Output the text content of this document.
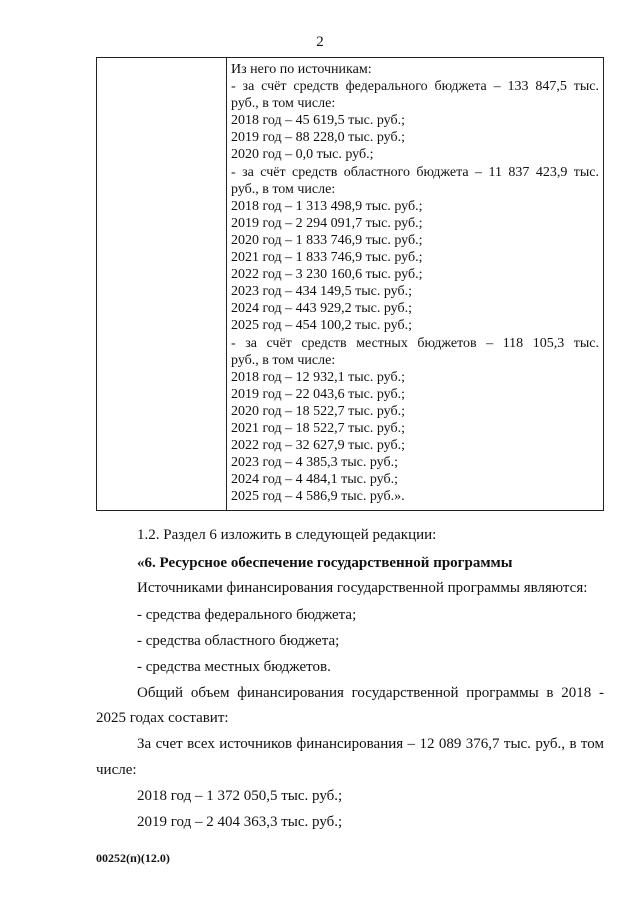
2
Из него по источникам:
- за счёт средств федерального бюджета – 133 847,5 тыс.
руб., в том числе:
2018 год – 45 619,5 тыс. руб.;
2019 год – 88 228,0 тыс. руб.;
2020 год – 0,0 тыс. руб.;
- за счёт средств областного бюджета – 11 837 423,9 тыс.
руб., в том числе:
2018 год – 1 313 498,9 тыс. руб.;
2019 год – 2 294 091,7 тыс. руб.;
2020 год – 1 833 746,9 тыс. руб.;
2021 год – 1 833 746,9 тыс. руб.;
2022 год – 3 230 160,6 тыс. руб.;
2023 год – 434 149,5 тыс. руб.;
2024 год – 443 929,2 тыс. руб.;
2025 год – 454 100,2 тыс. руб.;
- за счёт средств местных бюджетов – 118 105,3 тыс.
руб., в том числе:
2018 год – 12 932,1 тыс. руб.;
2019 год – 22 043,6 тыс. руб.;
2020 год – 18 522,7 тыс. руб.;
2021 год – 18 522,7 тыс. руб.;
2022 год – 32 627,9 тыс. руб.;
2023 год – 4 385,3 тыс. руб.;
2024 год – 4 484,1 тыс. руб.;
2025 год – 4 586,9 тыс. руб.».
1.2. Раздел 6 изложить в следующей редакции:
«6. Ресурсное обеспечение государственной программы
Источниками финансирования государственной программы являются:
- средства федерального бюджета;
- средства областного бюджета;
- средства местных бюджетов.
Общий объем финансирования государственной программы в 2018 -
2025 годах составит:
За счет всех источников финансирования – 12 089 376,7 тыс. руб., в том
числе:
2018 год – 1 372 050,5 тыс. руб.;
2019 год – 2 404 363,3 тыс. руб.;
00252(п)(12.0)
